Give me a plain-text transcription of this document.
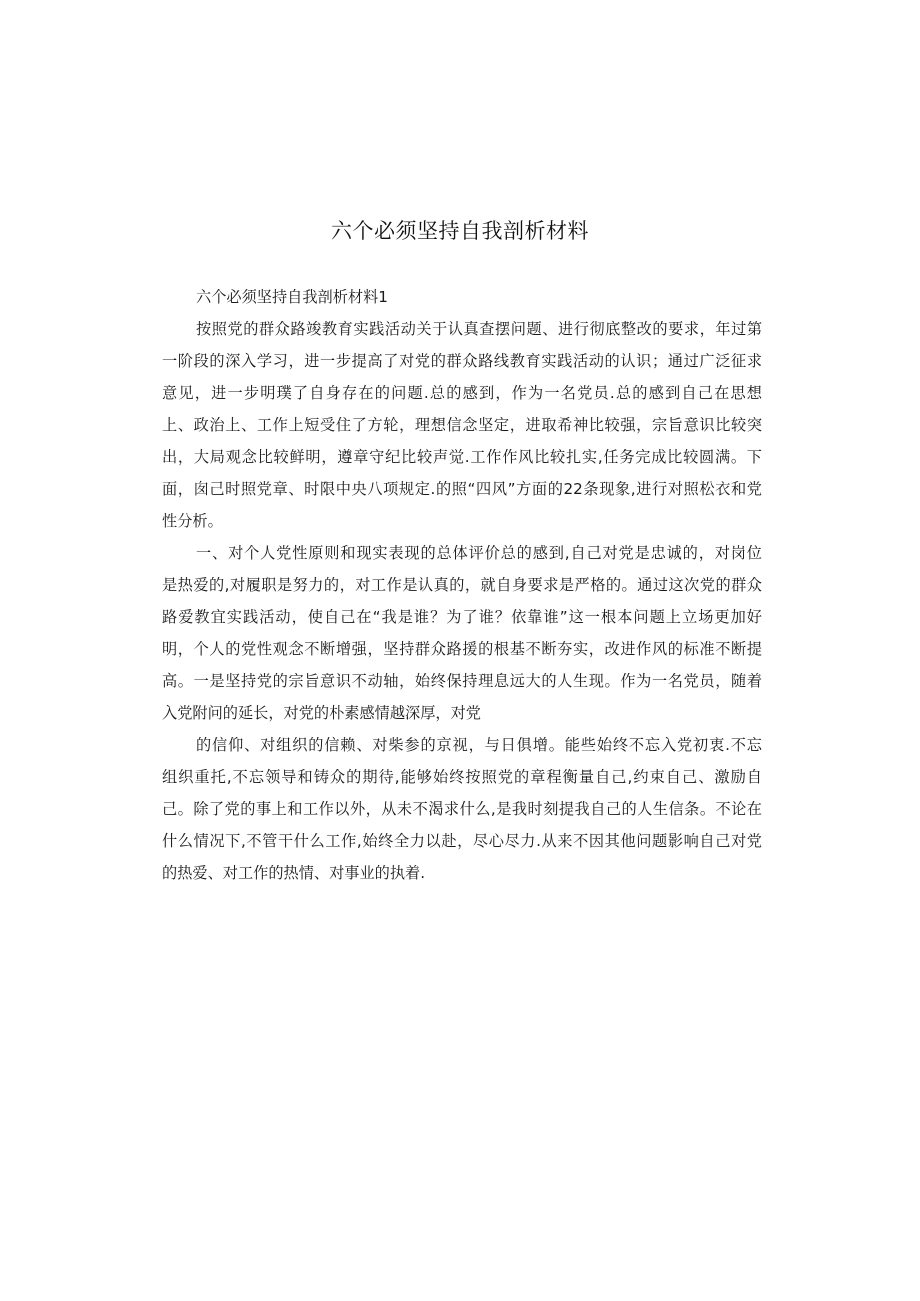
六个必须坚持自我剖析材料
六个必须坚持自我剖析材料1
按照党的群众路竣教育实践活动关于认真查摆问题、进行彻底整改的要求，年过第
一阶段的深入学习，进一步提高了对党的群众路线教育实践活动的认识；通过广泛征求
意见，进一步明璞了自身存在的问题.总的感到，作为一名党员.总的感到自己在思想
上、政治上、工作上短受住了方轮，理想信念坚定，进取希神比较强，宗旨意识比较突
出，大局观念比较鲜明，遵章守纪比较声觉.工作作风比较扎实,任务完成比较圆满。下
面，囱己时照党章、时限中央八项规定.的照“四风”方面的22条现象,进行对照松衣和党
性分析。
一、对个人党性原则和现实表现的总体评价总的感到,自己对党是忠诚的，对岗位
是热爱的,对履职是努力的，对工作是认真的，就自身要求是严格的。通过这次党的群众
路爱教宜实践活动，使自己在“我是谁？为了谁？依靠谁”这一根本问题上立场更加好
明，个人的党性观念不断增强，坚持群众路援的根基不断夯实，改进作风的标准不断提
高。一是坚持党的宗旨意识不动轴，始终保持理息远大的人生现。作为一名党员，随着
入党附问的延长，对党的朴素感情越深厚，对党
的信仰、对组织的信赖、对柴参的京视，与日俱增。能些始终不忘入党初衷.不忘
组织重托,不忘领导和铸众的期待,能够始终按照党的章程衡量自己,约束自己、激励自
己。除了党的事上和工作以外，从未不渴求什么,是我时刻提我自己的人生信条。不论在
什么情况下,不管干什么工作,始终全力以赴，尽心尽力.从来不因其他问题影响自己对党
的热爱、对工作的热情、对事业的执着.
